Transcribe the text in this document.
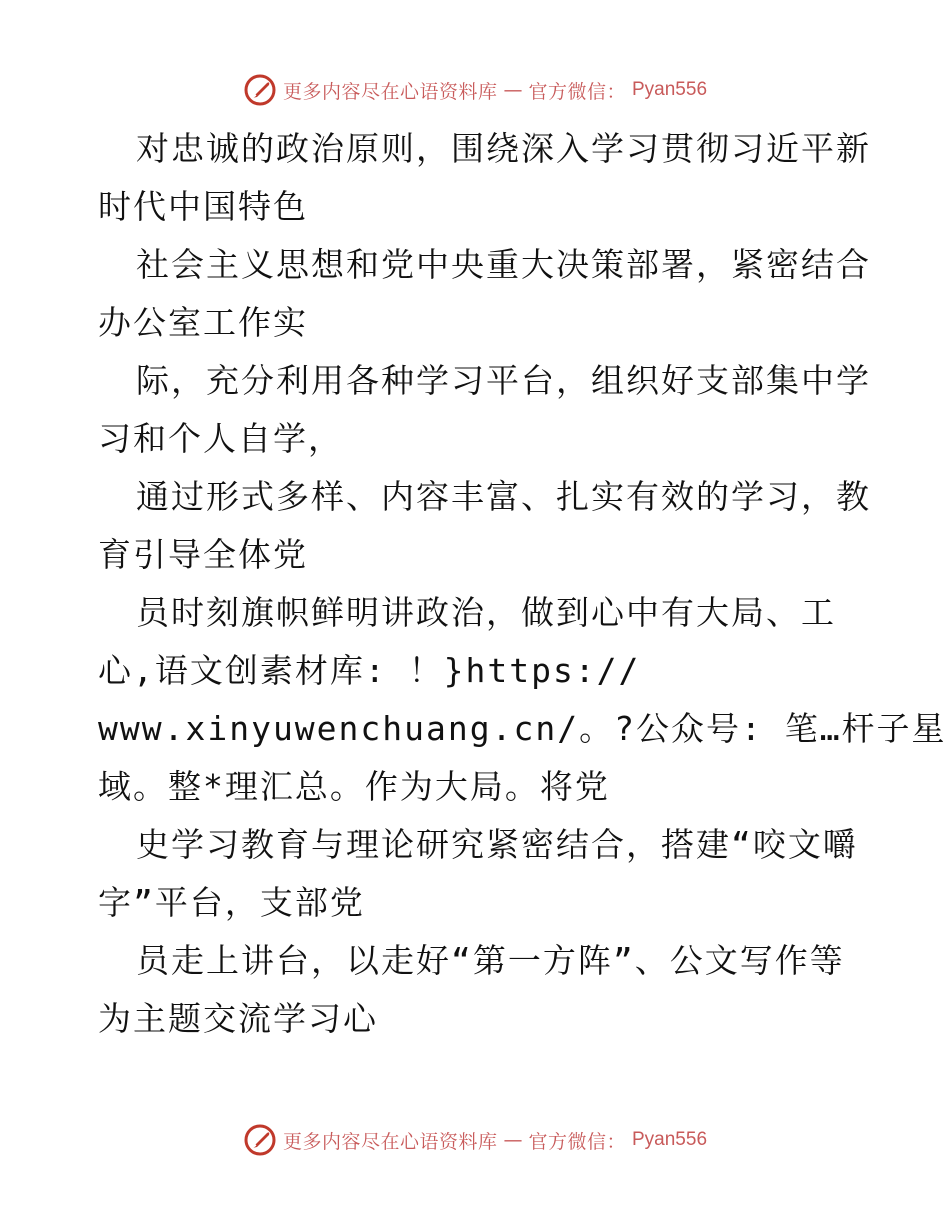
更多内容尽在心语资料库 — 官方微信： Pyan556
对忠诚的政治原则，围绕深入学习贯彻习近平新
时代中国特色
社会主义思想和党中央重大决策部署，紧密结合
办公室工作实
际，充分利用各种学习平台，组织好支部集中学
习和个人自学，
通过形式多样、内容丰富、扎实有效的学习，教
育引导全体党
员时刻旗帜鲜明讲政治，做到心中有大局、工
心,语文创素材库: ！}https://
www.xinyuwenchuang.cn/。?公众号: 笔…杆子星
域。整*理汇总。作为大局。将党
史学习教育与理论研究紧密结合，搭建“咬文嚼
字”平台，支部党
员走上讲台，以走好“第一方阵”、公文写作等
为主题交流学习心
更多内容尽在心语资料库 — 官方微信： Pyan556
